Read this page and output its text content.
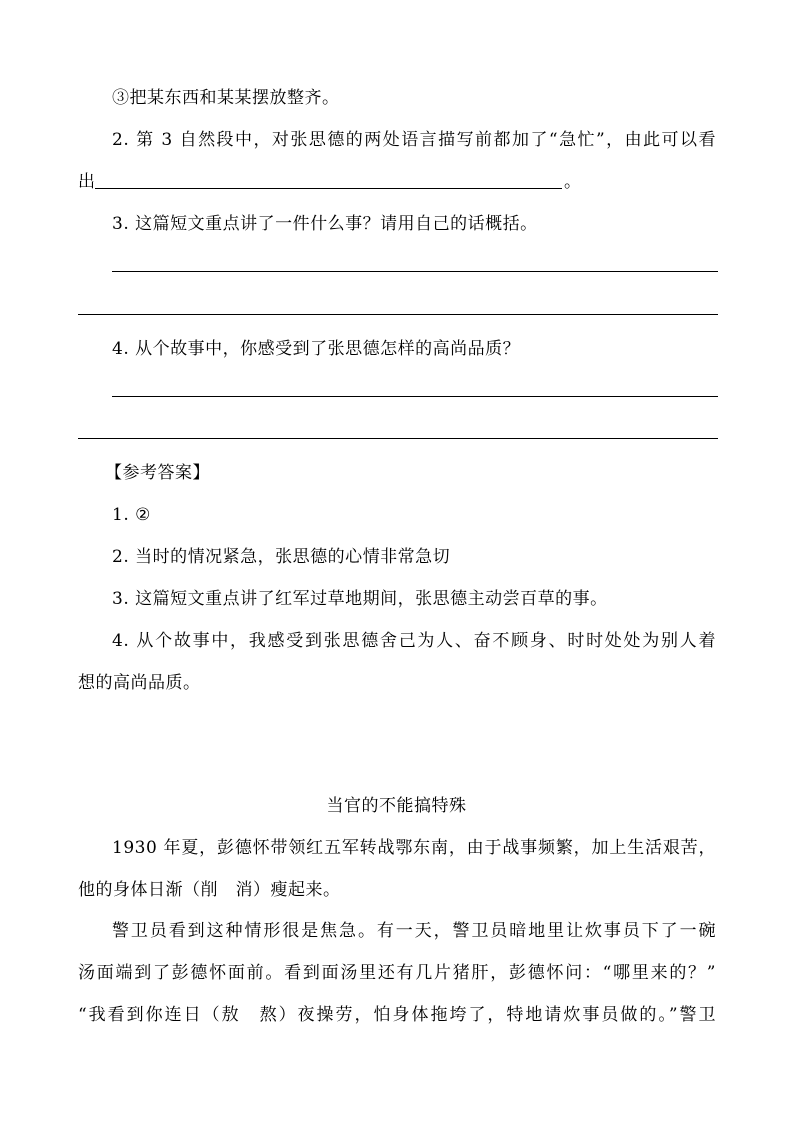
③把某东西和某某摆放整齐。
2. 第 3 自然段中，对张思德的两处语言描写前都加了“急忙”，由此可以看
出	。
3. 这篇短文重点讲了一件什么事？请用自己的话概括。
4. 从个故事中，你感受到了张思德怎样的高尚品质？
【参考答案】
1. ②
2. 当时的情况紧急，张思德的心情非常急切
3. 这篇短文重点讲了红军过草地期间，张思德主动尝百草的事。
4. 从个故事中，我感受到张思德舍己为人、奋不顾身、时时处处为别人着
想的高尚品质。
当官的不能搞特殊
1930 年夏，彭德怀带领红五军转战鄂东南，由于战事频繁，加上生活艰苦，
他的身体日渐（削　消）瘦起来。
警卫员看到这种情形很是焦急。有一天，警卫员暗地里让炊事员下了一碗
汤面端到了彭德怀面前。看到面汤里还有几片猪肝，彭德怀问：“哪里来的？”
“我看到你连日（敖　熬）夜操劳，怕身体拖垮了，特地请炊事员做的。”警卫
